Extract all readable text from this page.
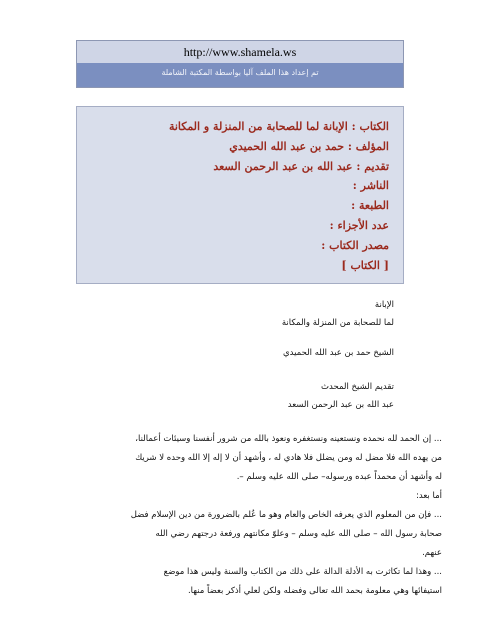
http://www.shamela.ws
تم إعداد هذا الملف آليا بواسطة المكتبة الشاملة
الكتاب : الإبانة لما للصحابة من المنزلة و المكانة
المؤلف : حمد بن عبد الله الحميدي
تقديم : عبد الله بن عبد الرحمن السعد
الناشر :
الطبعة :
عدد الأجزاء :
مصدر الكتاب :
[ الكتاب ]
الإبانة
لما للصحابة من المنزلة والمكانة
الشيخ حمد بن عبد الله الحميدي
تقديم الشيخ المحدث
عبد الله بن عبد الرحمن السعد
... إن الحمد لله نحمده ونستعينه ونستغفره ونعوذ بالله من شرور أنفسنا وسيئات أعمالنا،
من يهده الله فلا مضل له ومن يضلل فلا هادي له ، وأشهد أن لا إله إلا الله وحده لا شريك
له وأشهد أن محمداً عبده ورسوله– صلى الله عليه وسلم –.
أما بعد:
... فإن من المعلوم الذي يعرفه الخاص والعام وهو ما عُلم بالضرورة من دين الإسلام فضل
صحابة رسول الله – صلى الله عليه وسلم – وعلوّ مكانتهم ورفعة درجتهم رضي الله
عنهم.
... وهذا لما تكاثرت به الأدلة الدالة على ذلك من الكتاب والسنة وليس هذا موضع
استيفائها وهي معلومة بحمد الله تعالى وفضله ولكن لعلي أذكر بعضاً منها.
